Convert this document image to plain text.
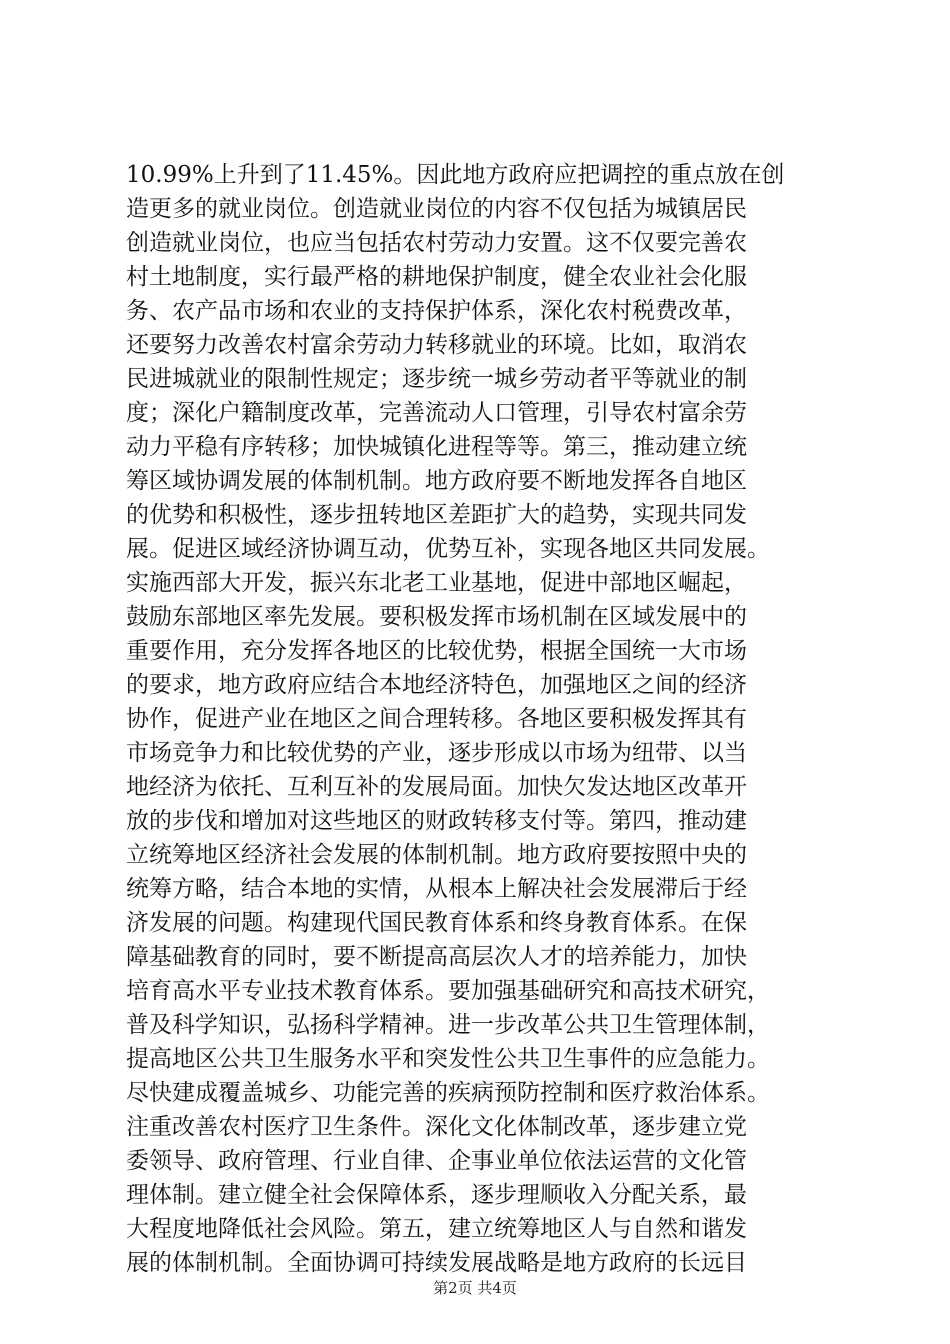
10.99%上升到了11.45%。因此地方政府应把调控的重点放在创
造更多的就业岗位。创造就业岗位的内容不仅包括为城镇居民
创造就业岗位，也应当包括农村劳动力安置。这不仅要完善农
村土地制度，实行最严格的耕地保护制度，健全农业社会化服
务、农产品市场和农业的支持保护体系，深化农村税费改革，
还要努力改善农村富余劳动力转移就业的环境。比如，取消农
民进城就业的限制性规定；逐步统一城乡劳动者平等就业的制
度；深化户籍制度改革，完善流动人口管理，引导农村富余劳
动力平稳有序转移；加快城镇化进程等等。第三，推动建立统
筹区域协调发展的体制机制。地方政府要不断地发挥各自地区
的优势和积极性，逐步扭转地区差距扩大的趋势，实现共同发
展。促进区域经济协调互动，优势互补，实现各地区共同发展。
实施西部大开发，振兴东北老工业基地，促进中部地区崛起，
鼓励东部地区率先发展。要积极发挥市场机制在区域发展中的
重要作用，充分发挥各地区的比较优势，根据全国统一大市场
的要求，地方政府应结合本地经济特色，加强地区之间的经济
协作，促进产业在地区之间合理转移。各地区要积极发挥其有
市场竞争力和比较优势的产业，逐步形成以市场为纽带、以当
地经济为依托、互利互补的发展局面。加快欠发达地区改革开
放的步伐和增加对这些地区的财政转移支付等。第四，推动建
立统筹地区经济社会发展的体制机制。地方政府要按照中央的
统筹方略，结合本地的实情，从根本上解决社会发展滞后于经
济发展的问题。构建现代国民教育体系和终身教育体系。在保
障基础教育的同时，要不断提高高层次人才的培养能力，加快
培育高水平专业技术教育体系。要加强基础研究和高技术研究，
普及科学知识，弘扬科学精神。进一步改革公共卫生管理体制，
提高地区公共卫生服务水平和突发性公共卫生事件的应急能力。
尽快建成覆盖城乡、功能完善的疾病预防控制和医疗救治体系。
注重改善农村医疗卫生条件。深化文化体制改革，逐步建立党
委领导、政府管理、行业自律、企事业单位依法运营的文化管
理体制。建立健全社会保障体系，逐步理顺收入分配关系，最
大程度地降低社会风险。第五，建立统筹地区人与自然和谐发
展的体制机制。全面协调可持续发展战略是地方政府的长远目
第2页 共4页
